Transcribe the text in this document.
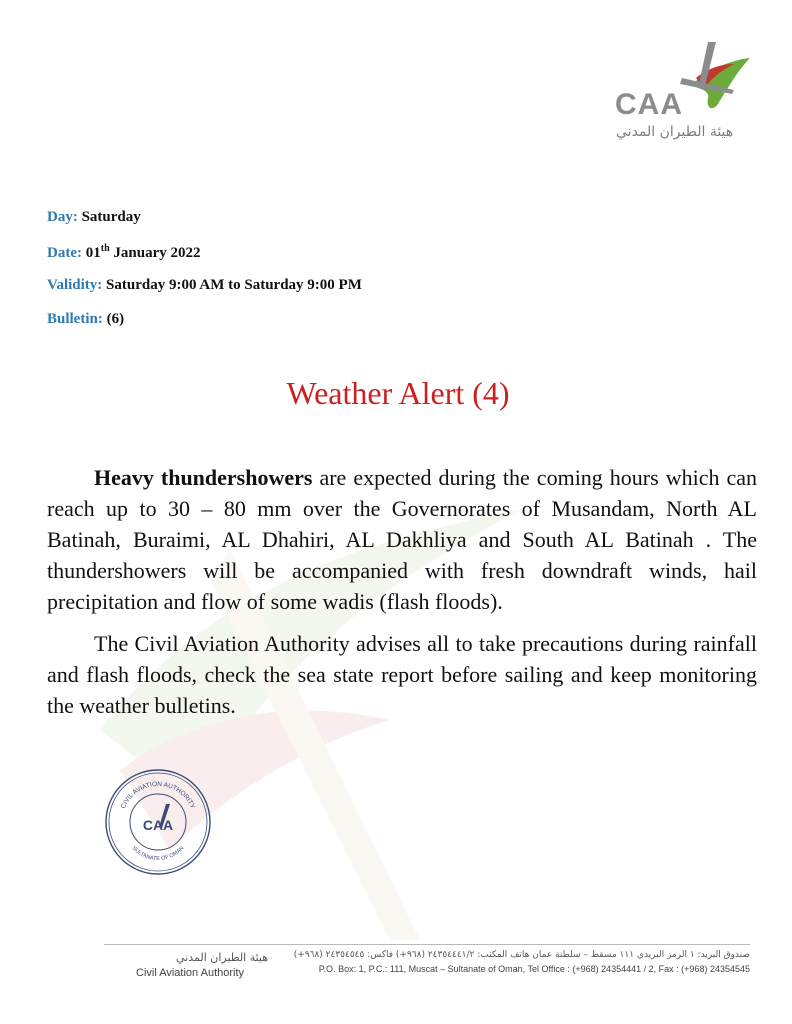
CAA
هيئة الطيران المدني
Day: Saturday
Date: 01th January 2022
Validity: Saturday 9:00 AM to Saturday 9:00 PM
Bulletin: (6)
Weather Alert (4)
Heavy thundershowers are expected during the coming hours which can reach up to 30 – 80 mm over the Governorates of Musandam, North AL Batinah, Buraimi, AL Dhahiri, AL Dakhliya and South AL Batinah . The thundershowers will be accompanied with fresh downdraft winds, hail precipitation and flow of some wadis (flash floods).
The Civil Aviation Authority advises all to take precautions during rainfall and flash floods, check the sea state report before sailing and keep monitoring the weather bulletins.
CIVIL AVIATION AUTHORITY
SULTANATE OF OMAN
CAA
هيئة الطيران المدني
Civil Aviation Authority
صندوق البريد: ١ الرمز البريدي ١١١ مسقط – سلطنة عمان هاتف المكتب: ٢٤٣٥٤٤٤١/٢ (٩٦٨+) فاكس: ٢٤٣٥٤٥٤٥ (٩٦٨+)
P.O. Box: 1, P.C.: 111, Muscat – Sultanate of Oman, Tel Office : (+968) 24354441 / 2, Fax : (+968) 24354545
